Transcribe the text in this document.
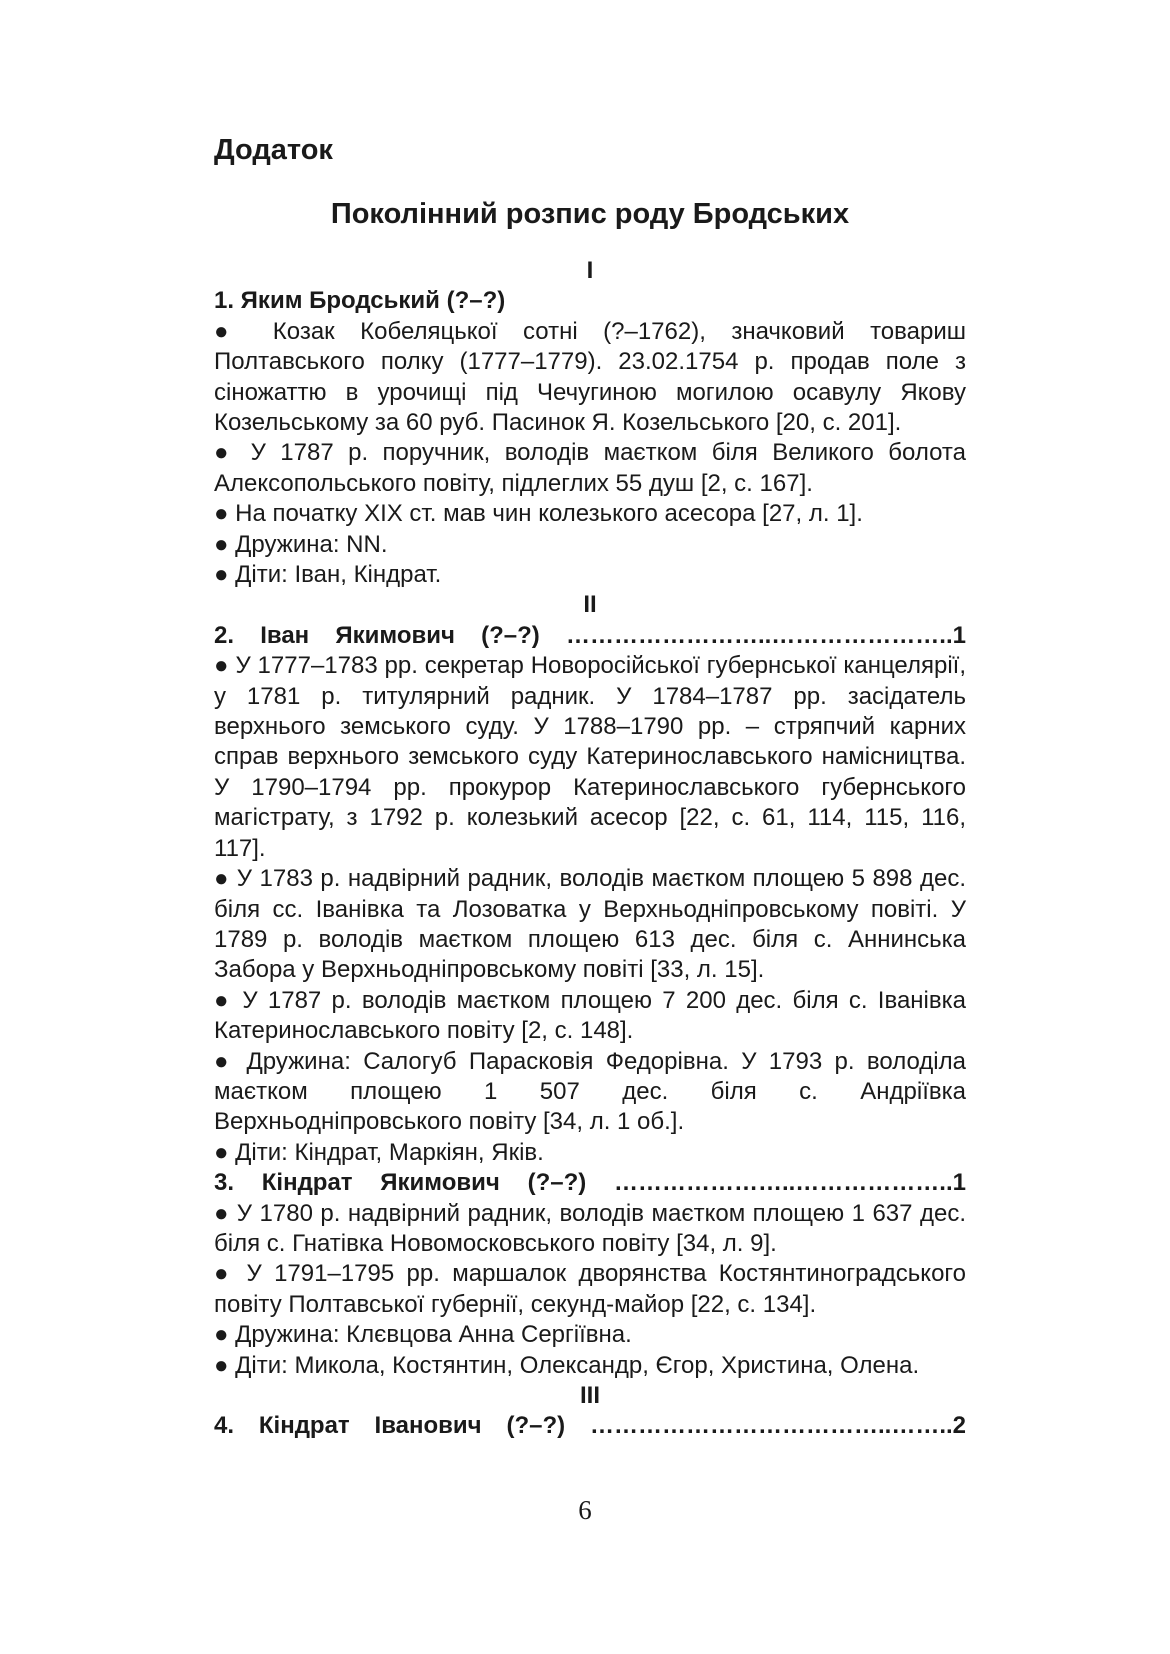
Додаток
Поколінний розпис роду Бродських
I
1. Яким Бродський (?–?)
● Козак Кобеляцької сотні (?–1762), значковий товариш Полтавського полку (1777–1779). 23.02.1754 р. продав поле з сіножаттю в урочищі під Чечугиною могилою осавулу Якову Козельському за 60 руб. Пасинок Я. Козельського [20, с. 201].
● У 1787 р. поручник, володів маєтком біля Великого болота Алексопольського повіту, підлеглих 55 душ [2, с. 167].
● На початку ХІХ ст. мав чин колезького асесора [27, л. 1].
● Дружина: NN.
● Діти: Іван, Кіндрат.
II
2. Іван Якимович (?–?) ……………………..…………………..1
● У 1777–1783 рр. секретар Новоросійської губернської канцелярії, у 1781 р. титулярний радник. У 1784–1787 рр. засідатель верхнього земського суду. У 1788–1790 рр. – стряпчий карних справ верхнього земського суду Катеринославського намісництва. У 1790–1794 рр. прокурор Катеринославського губернського магістрату, з 1792 р. колезький асесор [22, с. 61, 114, 115, 116, 117].
● У 1783 р. надвірний радник, володів маєтком площею 5 898 дес. біля сс. Іванівка та Лозоватка у Верхньодніпровському повіті. У 1789 р. володів маєтком площею 613 дес. біля с. Аннинська Забора у Верхньодніпровському повіті [33, л. 15].
● У 1787 р. володів маєтком площею 7 200 дес. біля с. Іванівка Катеринославського повіту [2, с. 148].
● Дружина: Салогуб Парасковія Федорівна. У 1793 р. володіла маєтком площею 1 507 дес. біля с. Андріївка Верхньодніпровського повіту [34, л. 1 об.].
● Діти: Кіндрат, Маркіян, Яків.
3. Кіндрат Якимович (?–?) …………………..………………..1
● У 1780 р. надвірний радник, володів маєтком площею 1 637 дес. біля с. Гнатівка Новомосковського повіту [34, л. 9].
● У 1791–1795 рр. маршалок дворянства Костянтиноградського повіту Полтавської губернії, секунд-майор [22, с. 134].
● Дружина: Клєвцова Анна Сергіївна.
● Діти: Микола, Костянтин, Олександр, Єгор, Христина, Олена.
III
4. Кіндрат Іванович (?–?) ………………………………..……..2
6
